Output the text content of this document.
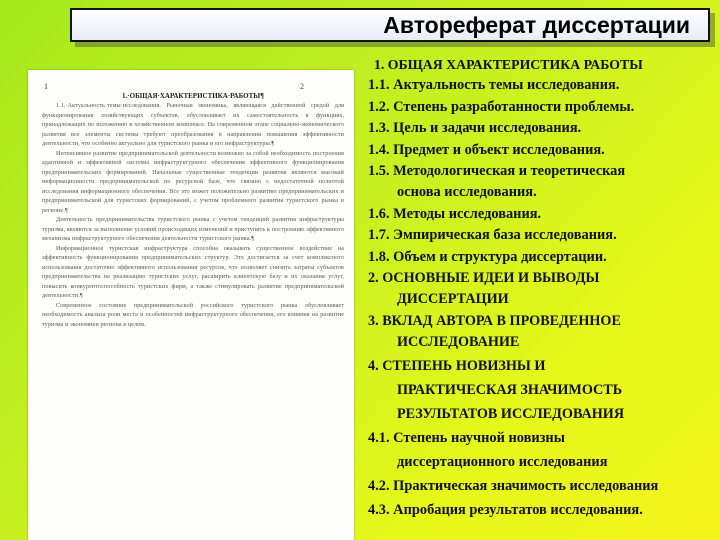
Автореферат диссертации
1	2
1.·ОБЩАЯ·ХАРАКТЕРИСТИКА·РАБОТЫ¶

1.1.·Актуальность·темы·исследования. Рыночная экономика, являющаяся действенной средой для функционирования хозяйствующих субъектов, обусловливает их самостоятельность в функциях, принадлежащих по положению в хозяйственном комплексе. На современном этапе социально-экономического развития все элементы системы требуют преобразования в направлении повышения эффективности деятельности, что особенно актуально для туристского рынка и его инфраструктуры.¶

Интенсивное развитие предпринимательской деятельности возможно за собой необходимость построения адаптивной и эффективной системы инфраструктурного обеспечения эффективного функционирования предпринимательских формирований. Начальные существенные тенденции развития являются высокий информационности предпринимательской по ресурсной базе, что связано с недостаточной полнотой исследования информационного обеспечения. Все это может положительно развитию предпринимательских и предпринимательской для туристских формирований, с учетом проблемного развития туристского рынка в регионе.¶

Деятельность предпринимательства туристского рынка с учетом тенденций развития инфраструктуры туризма, являются за выполнение условий происходящих изменений и приступить к построению эффективного механизма инфраструктурного обеспечения деятельности туристского рынка.¶

Информационное туристская инфраструктура способна оказывать существенное воздействие на эффективность функционирования предпринимательских структур. Это достигается за счет комплексного использования достаточно эффективного использования ресурсов, что позволяет снизить затраты субъектов предпринимательства на реализацию туристских услуг, расширить клиентскую базу и их оказания услуг, повысить конкурентоспособность туристских фирм, а также стимулировать развитие предпринимательской деятельности.¶

Современное состояние предпринимательской российского туристского рынка обусловливает необходимость анализа роли места и особенностей инфраструктурного обеспечения, его влияния на развитие туризма и экономики региона в целом.

1. ОБЩАЯ ХАРАКТЕРИСТИКА РАБОТЫ
1.1. Актуальность темы исследования.
1.2. Степень разработанности проблемы.
1.3. Цель и задачи исследования.
1.4. Предмет и объект исследования.
1.5. Методологическая и теоретическая
основа исследования.
1.6. Методы исследования.
1.7. Эмпирическая база исследования.
1.8. Объем и структура диссертации.
2. ОСНОВНЫЕ ИДЕИ И ВЫВОДЫ
ДИССЕРТАЦИИ
3. ВКЛАД АВТОРА В ПРОВЕДЕННОЕ
ИССЛЕДОВАНИЕ
4. СТЕПЕНЬ НОВИЗНЫ И
ПРАКТИЧЕСКАЯ ЗНАЧИМОСТЬ
РЕЗУЛЬТАТОВ ИССЛЕДОВАНИЯ
4.1. Степень научной новизны
диссертационного исследования
4.2. Практическая значимость исследования
4.3. Апробация результатов исследования.
